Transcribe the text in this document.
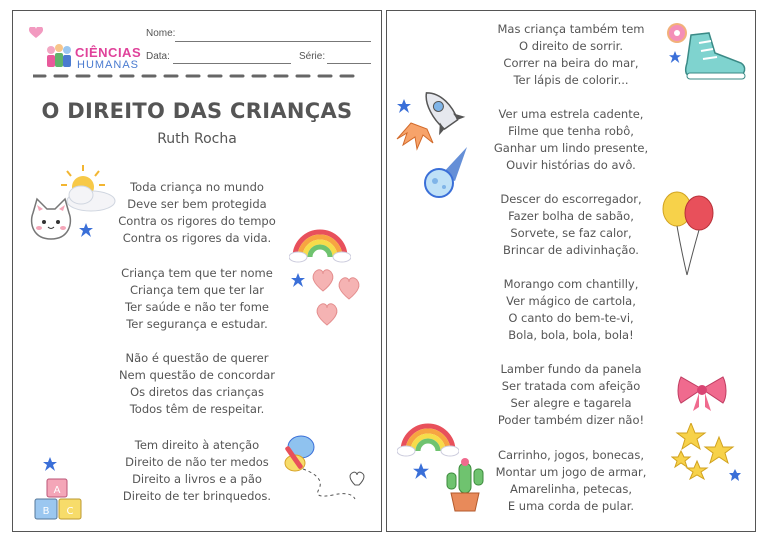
CIÊNCIAS
HUMANAS
Nome:
Data:	Série:
O DIREITO DAS CRIANÇAS
Ruth Rocha
Toda criança no mundo
Deve ser bem protegida
Contra os rigores do tempo
Contra os rigores da vida.
Criança tem que ter nome
Criança tem que ter lar
Ter saúde e não ter fome
Ter segurança e estudar.
Não é questão de querer
Nem questão de concordar
Os diretos das crianças
Todos têm de respeitar.
Tem direito à atenção
Direito de não ter medos
Direito a livros e a pão
Direito de ter brinquedos.
A
B C
Mas criança também tem
O direito de sorrir.
Correr na beira do mar,
Ter lápis de colorir...
Ver uma estrela cadente,
Filme que tenha robô,
Ganhar um lindo presente,
Ouvir histórias do avô.
Descer do escorregador,
Fazer bolha de sabão,
Sorvete, se faz calor,
Brincar de adivinhação.
Morango com chantilly,
Ver mágico de cartola,
O canto do bem-te-vi,
Bola, bola, bola, bola!
Lamber fundo da panela
Ser tratada com afeição
Ser alegre e tagarela
Poder também dizer não!
Carrinho, jogos, bonecas,
Montar um jogo de armar,
Amarelinha, petecas,
E uma corda de pular.
